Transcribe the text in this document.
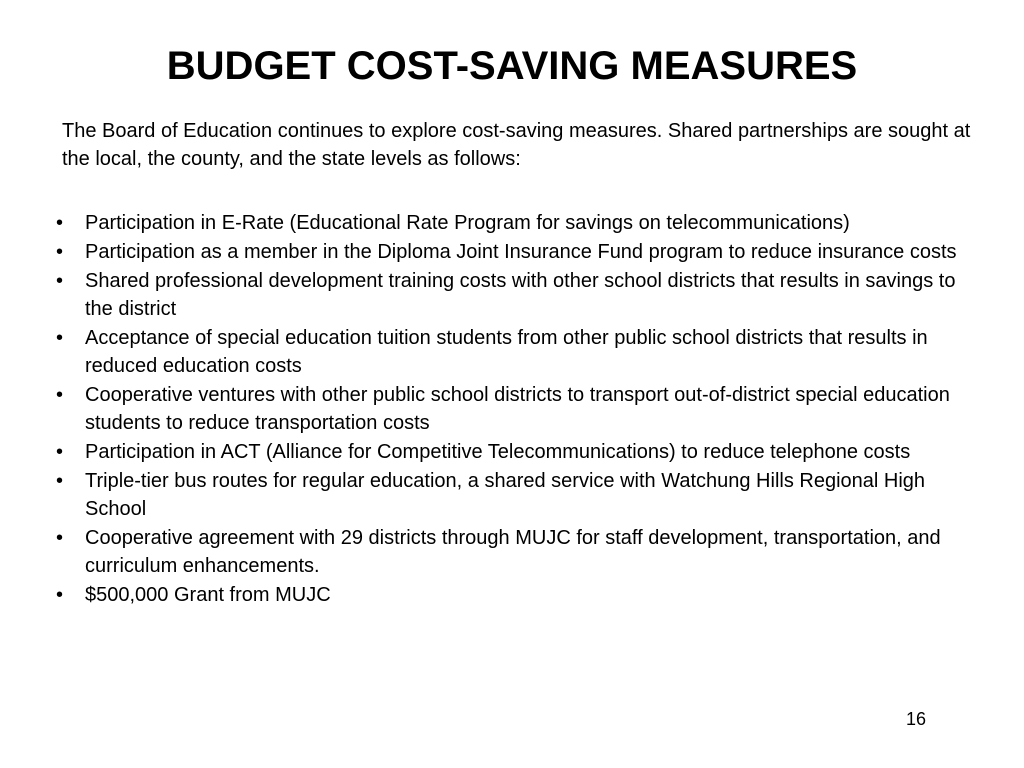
BUDGET COST-SAVING MEASURES

The Board of Education continues to explore cost-saving measures. Shared partnerships are sought at the local, the county, and the state levels as follows:

•	Participation in E-Rate (Educational Rate Program for savings on telecommunications)
•	Participation as a member in the Diploma Joint Insurance Fund program to reduce insurance costs
•	Shared professional development training costs with other school districts that results in savings to the district
•	Acceptance of special education tuition students from other public school districts that results in reduced education costs
•	Cooperative ventures with other public school districts to transport out-of-district special education students to reduce transportation costs
•	Participation in ACT (Alliance for Competitive Telecommunications) to reduce telephone costs
•	Triple-tier bus routes for regular education, a shared service with Watchung Hills Regional High School
•	Cooperative agreement with 29 districts through MUJC for staff development, transportation, and curriculum enhancements.
•	$500,000 Grant from MUJC
16
